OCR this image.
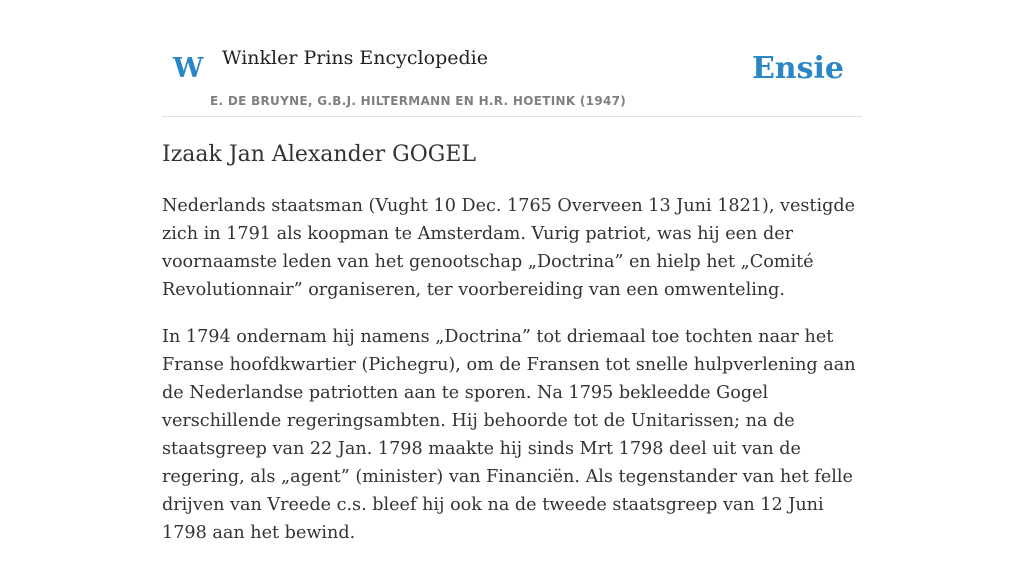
W Winkler Prins Encyclopedie
E. DE BRUYNE, G.B.J. HILTERMANN EN H.R. HOETINK (1947)
Ensie
Izaak Jan Alexander GOGEL

Nederlands staatsman (Vught 10 Dec. 1765 Overveen 13 Juni 1821), vestigde zich in 1791 als koopman te Amsterdam. Vurig patriot, was hij een der voornaamste leden van het genootschap „Doctrina” en hielp het „Comité Revolutionnair” organiseren, ter voorbereiding van een omwenteling.

In 1794 ondernam hij namens „Doctrina” tot driemaal toe tochten naar het Franse hoofdkwartier (Pichegru), om de Fransen tot snelle hulpverlening aan de Nederlandse patriotten aan te sporen. Na 1795 bekleedde Gogel verschillende regeringsambten. Hij behoorde tot de Unitarissen; na de staatsgreep van 22 Jan. 1798 maakte hij sinds Mrt 1798 deel uit van de regering, als „agent” (minister) van Financiën. Als tegenstander van het felle drijven van Vreede c.s. bleef hij ook na de tweede staatsgreep van 12 Juni 1798 aan het bewind.
